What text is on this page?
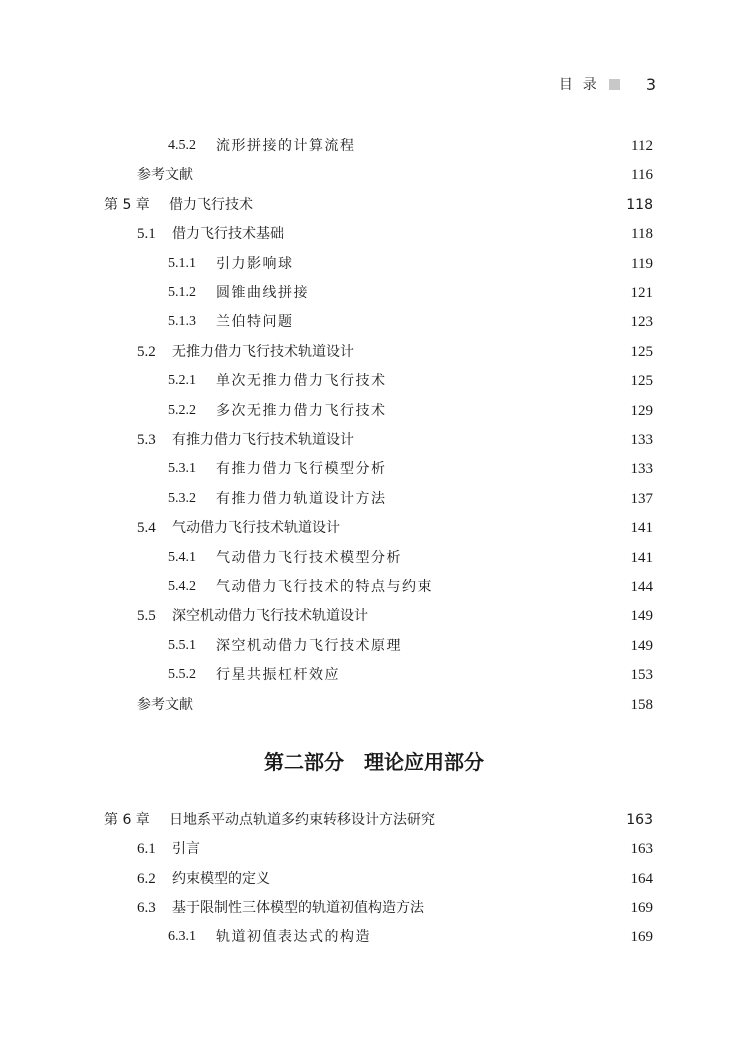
目录 3
4.5.2 流形拼接的计算流程	112
参考文献	116
第 5 章 借力飞行技术	118
5.1 借力飞行技术基础	118
5.1.1 引力影响球	119
5.1.2 圆锥曲线拼接	121
5.1.3 兰伯特问题	123
5.2 无推力借力飞行技术轨道设计	125
5.2.1 单次无推力借力飞行技术	125
5.2.2 多次无推力借力飞行技术	129
5.3 有推力借力飞行技术轨道设计	133
5.3.1 有推力借力飞行模型分析	133
5.3.2 有推力借力轨道设计方法	137
5.4 气动借力飞行技术轨道设计	141
5.4.1 气动借力飞行技术模型分析	141
5.4.2 气动借力飞行技术的特点与约束	144
5.5 深空机动借力飞行技术轨道设计	149
5.5.1 深空机动借力飞行技术原理	149
5.5.2 行星共振杠杆效应	153
参考文献	158
第二部分　理论应用部分
第 6 章 日地系平动点轨道多约束转移设计方法研究	163
6.1 引言	163
6.2 约束模型的定义	164
6.3 基于限制性三体模型的轨道初值构造方法	169
6.3.1 轨道初值表达式的构造	169
